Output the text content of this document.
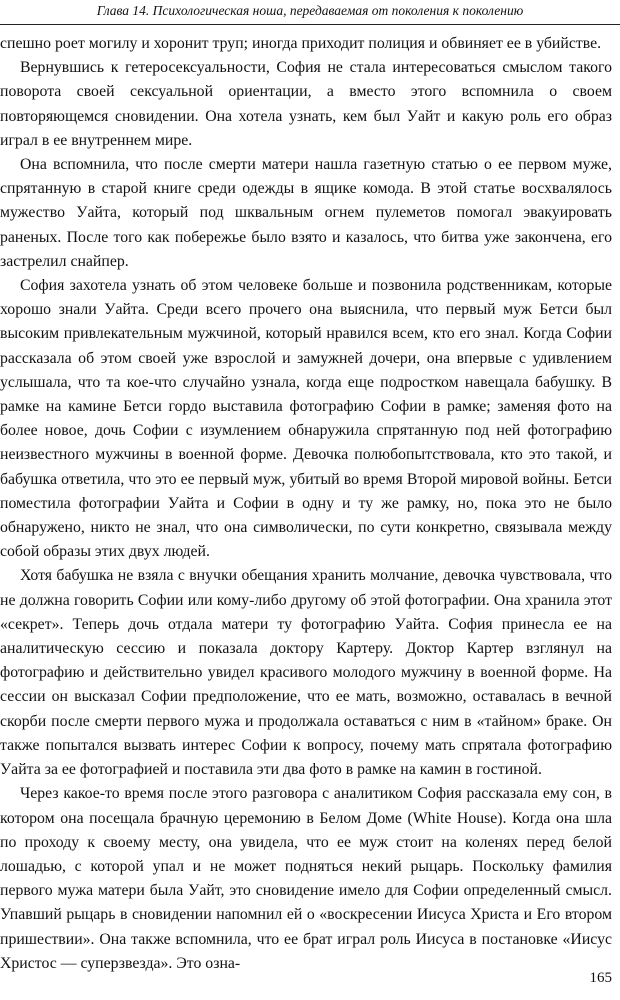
Глава 14. Психологическая ноша, передаваемая от поколения к поколению

спешно роет могилу и хоронит труп; иногда приходит полиция и обвиняет ее в убийстве.

Вернувшись к гетеросексуальности, София не стала интересоваться смыслом такого поворота своей сексуальной ориентации, а вместо этого вспомнила о своем повторяющемся сновидении. Она хотела узнать, кем был Уайт и какую роль его образ играл в ее внутреннем мире.

Она вспомнила, что после смерти матери нашла газетную статью о ее первом муже, спрятанную в старой книге среди одежды в ящике комода. В этой статье восхвалялось мужество Уайта, который под шквальным огнем пулеметов помогал эвакуировать раненых. После того как побережье было взято и казалось, что битва уже закончена, его застрелил снайпер.

София захотела узнать об этом человеке больше и позвонила родственникам, которые хорошо знали Уайта. Среди всего прочего она выяснила, что первый муж Бетси был высоким привлекательным мужчиной, который нравился всем, кто его знал. Когда Софии рассказала об этом своей уже взрослой и замужней дочери, она впервые с удивлением услышала, что та кое-что случайно узнала, когда еще подростком навещала бабушку. В рамке на камине Бетси гордо выставила фотографию Софии в рамке; заменяя фото на более новое, дочь Софии с изумлением обнаружила спрятанную под ней фотографию неизвестного мужчины в военной форме. Девочка полюбопытствовала, кто это такой, и бабушка ответила, что это ее первый муж, убитый во время Второй мировой войны. Бетси поместила фотографии Уайта и Софии в одну и ту же рамку, но, пока это не было обнаружено, никто не знал, что она символически, по сути конкретно, связывала между собой образы этих двух людей.

Хотя бабушка не взяла с внучки обещания хранить молчание, девочка чувствовала, что не должна говорить Софии или кому-либо другому об этой фотографии. Она хранила этот «секрет». Теперь дочь отдала матери ту фотографию Уайта. София принесла ее на аналитическую сессию и показала доктору Картеру. Доктор Картер взглянул на фотографию и действительно увидел красивого молодого мужчину в военной форме. На сессии он высказал Софии предположение, что ее мать, возможно, оставалась в вечной скорби после смерти первого мужа и продолжала оставаться с ним в «тайном» браке. Он также попытался вызвать интерес Софии к вопросу, почему мать спрятала фотографию Уайта за ее фотографией и поставила эти два фото в рамке на камин в гостиной.

Через какое-то время после этого разговора с аналитиком София рассказала ему сон, в котором она посещала брачную церемонию в Белом Доме (White House). Когда она шла по проходу к своему месту, она увидела, что ее муж стоит на коленях перед белой лошадью, с которой упал и не может подняться некий рыцарь. Поскольку фамилия первого мужа матери была Уайт, это сновидение имело для Софии определенный смысл. Упавший рыцарь в сновидении напомнил ей о «воскресении Иисуса Христа и Его втором пришествии». Она также вспомнила, что ее брат играл роль Иисуса в постановке «Иисус Христос — суперзвезда». Это озна-

165
